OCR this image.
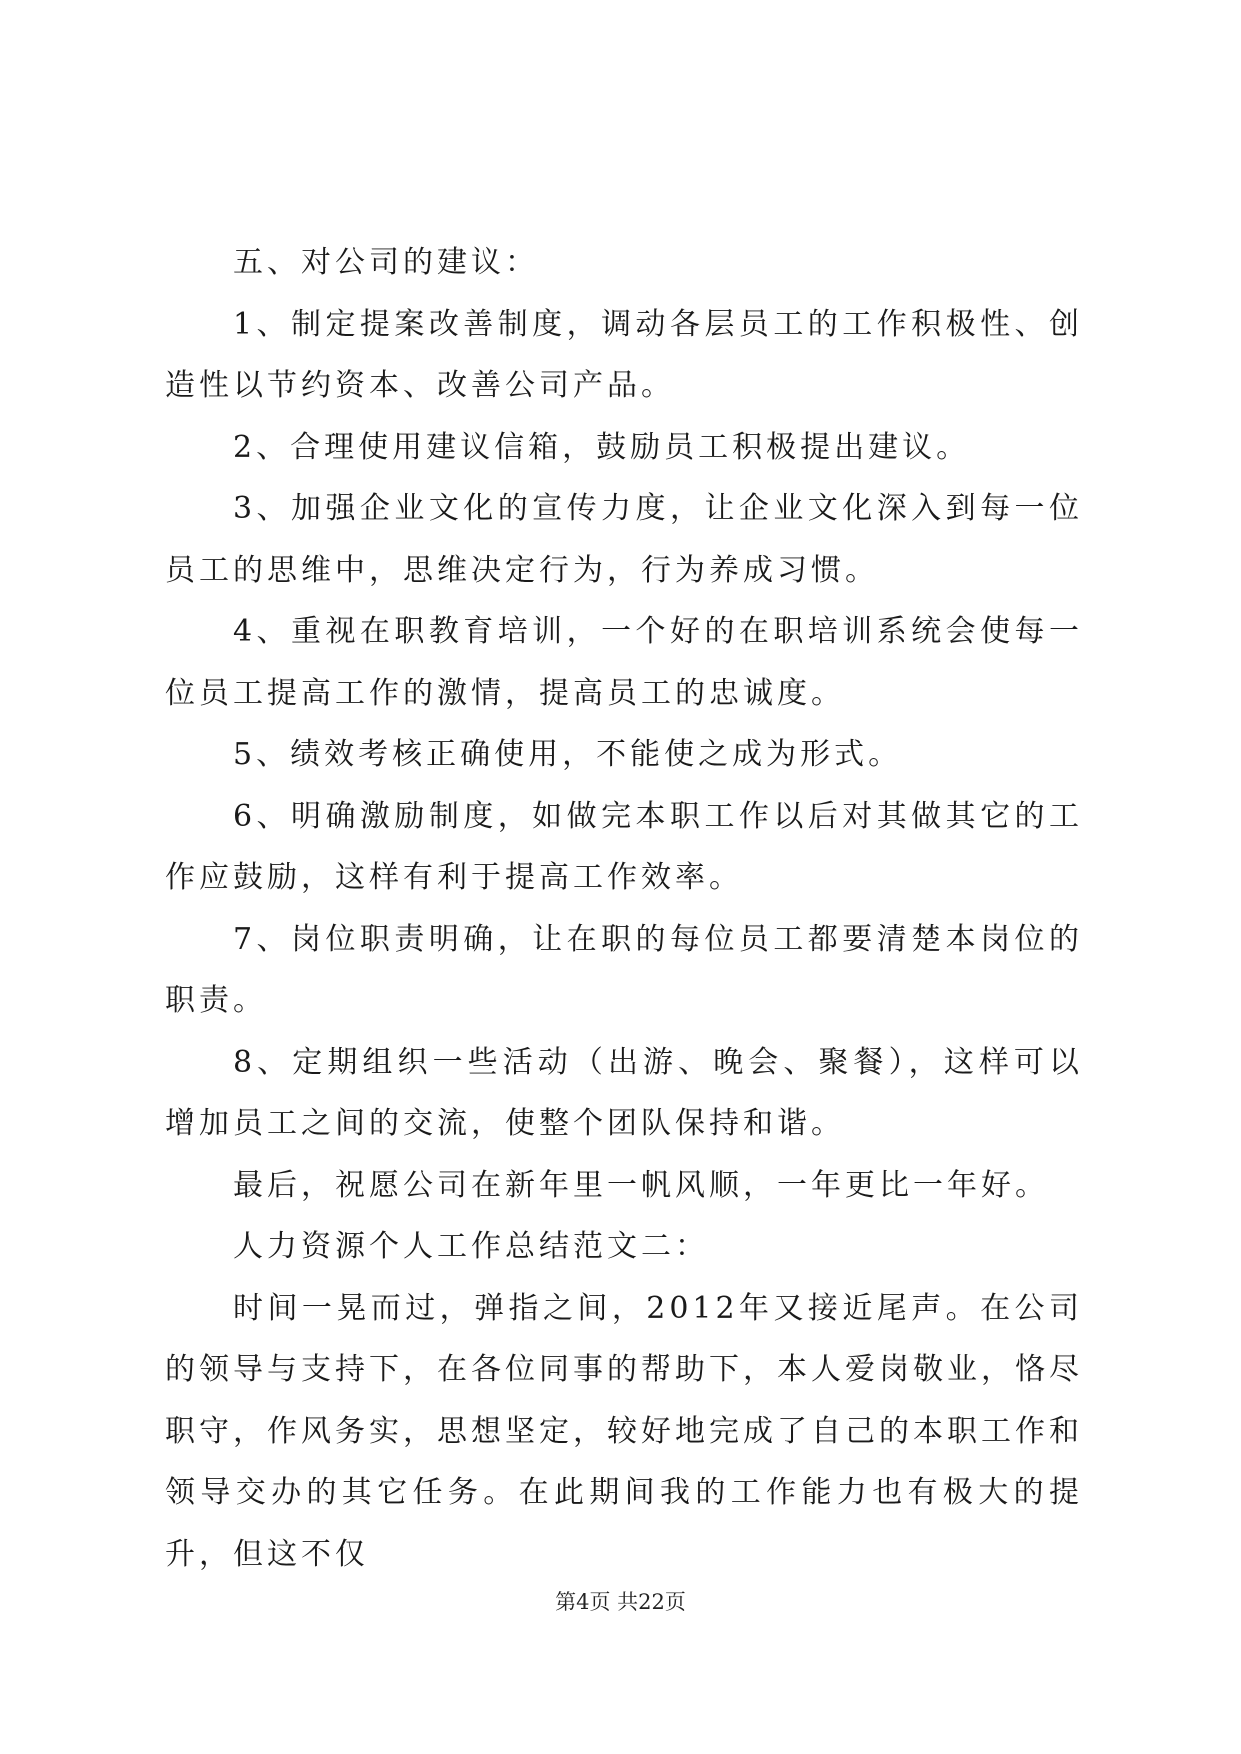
五、对公司的建议：

1、制定提案改善制度，调动各层员工的工作积极性、创造性以节约资本、改善公司产品。

2、合理使用建议信箱，鼓励员工积极提出建议。

3、加强企业文化的宣传力度，让企业文化深入到每一位员工的思维中，思维决定行为，行为养成习惯。

4、重视在职教育培训，一个好的在职培训系统会使每一位员工提高工作的激情，提高员工的忠诚度。

5、绩效考核正确使用，不能使之成为形式。

6、明确激励制度，如做完本职工作以后对其做其它的工作应鼓励，这样有利于提高工作效率。

7、岗位职责明确，让在职的每位员工都要清楚本岗位的职责。

8、定期组织一些活动（出游、晚会、聚餐），这样可以增加员工之间的交流，使整个团队保持和谐。

最后，祝愿公司在新年里一帆风顺，一年更比一年好。

人力资源个人工作总结范文二：

时间一晃而过，弹指之间，2012年又接近尾声。在公司的领导与支持下，在各位同事的帮助下，本人爱岗敬业，恪尽职守，作风务实，思想坚定，较好地完成了自己的本职工作和领导交办的其它任务。在此期间我的工作能力也有极大的提升，但这不仅

第4页 共22页
